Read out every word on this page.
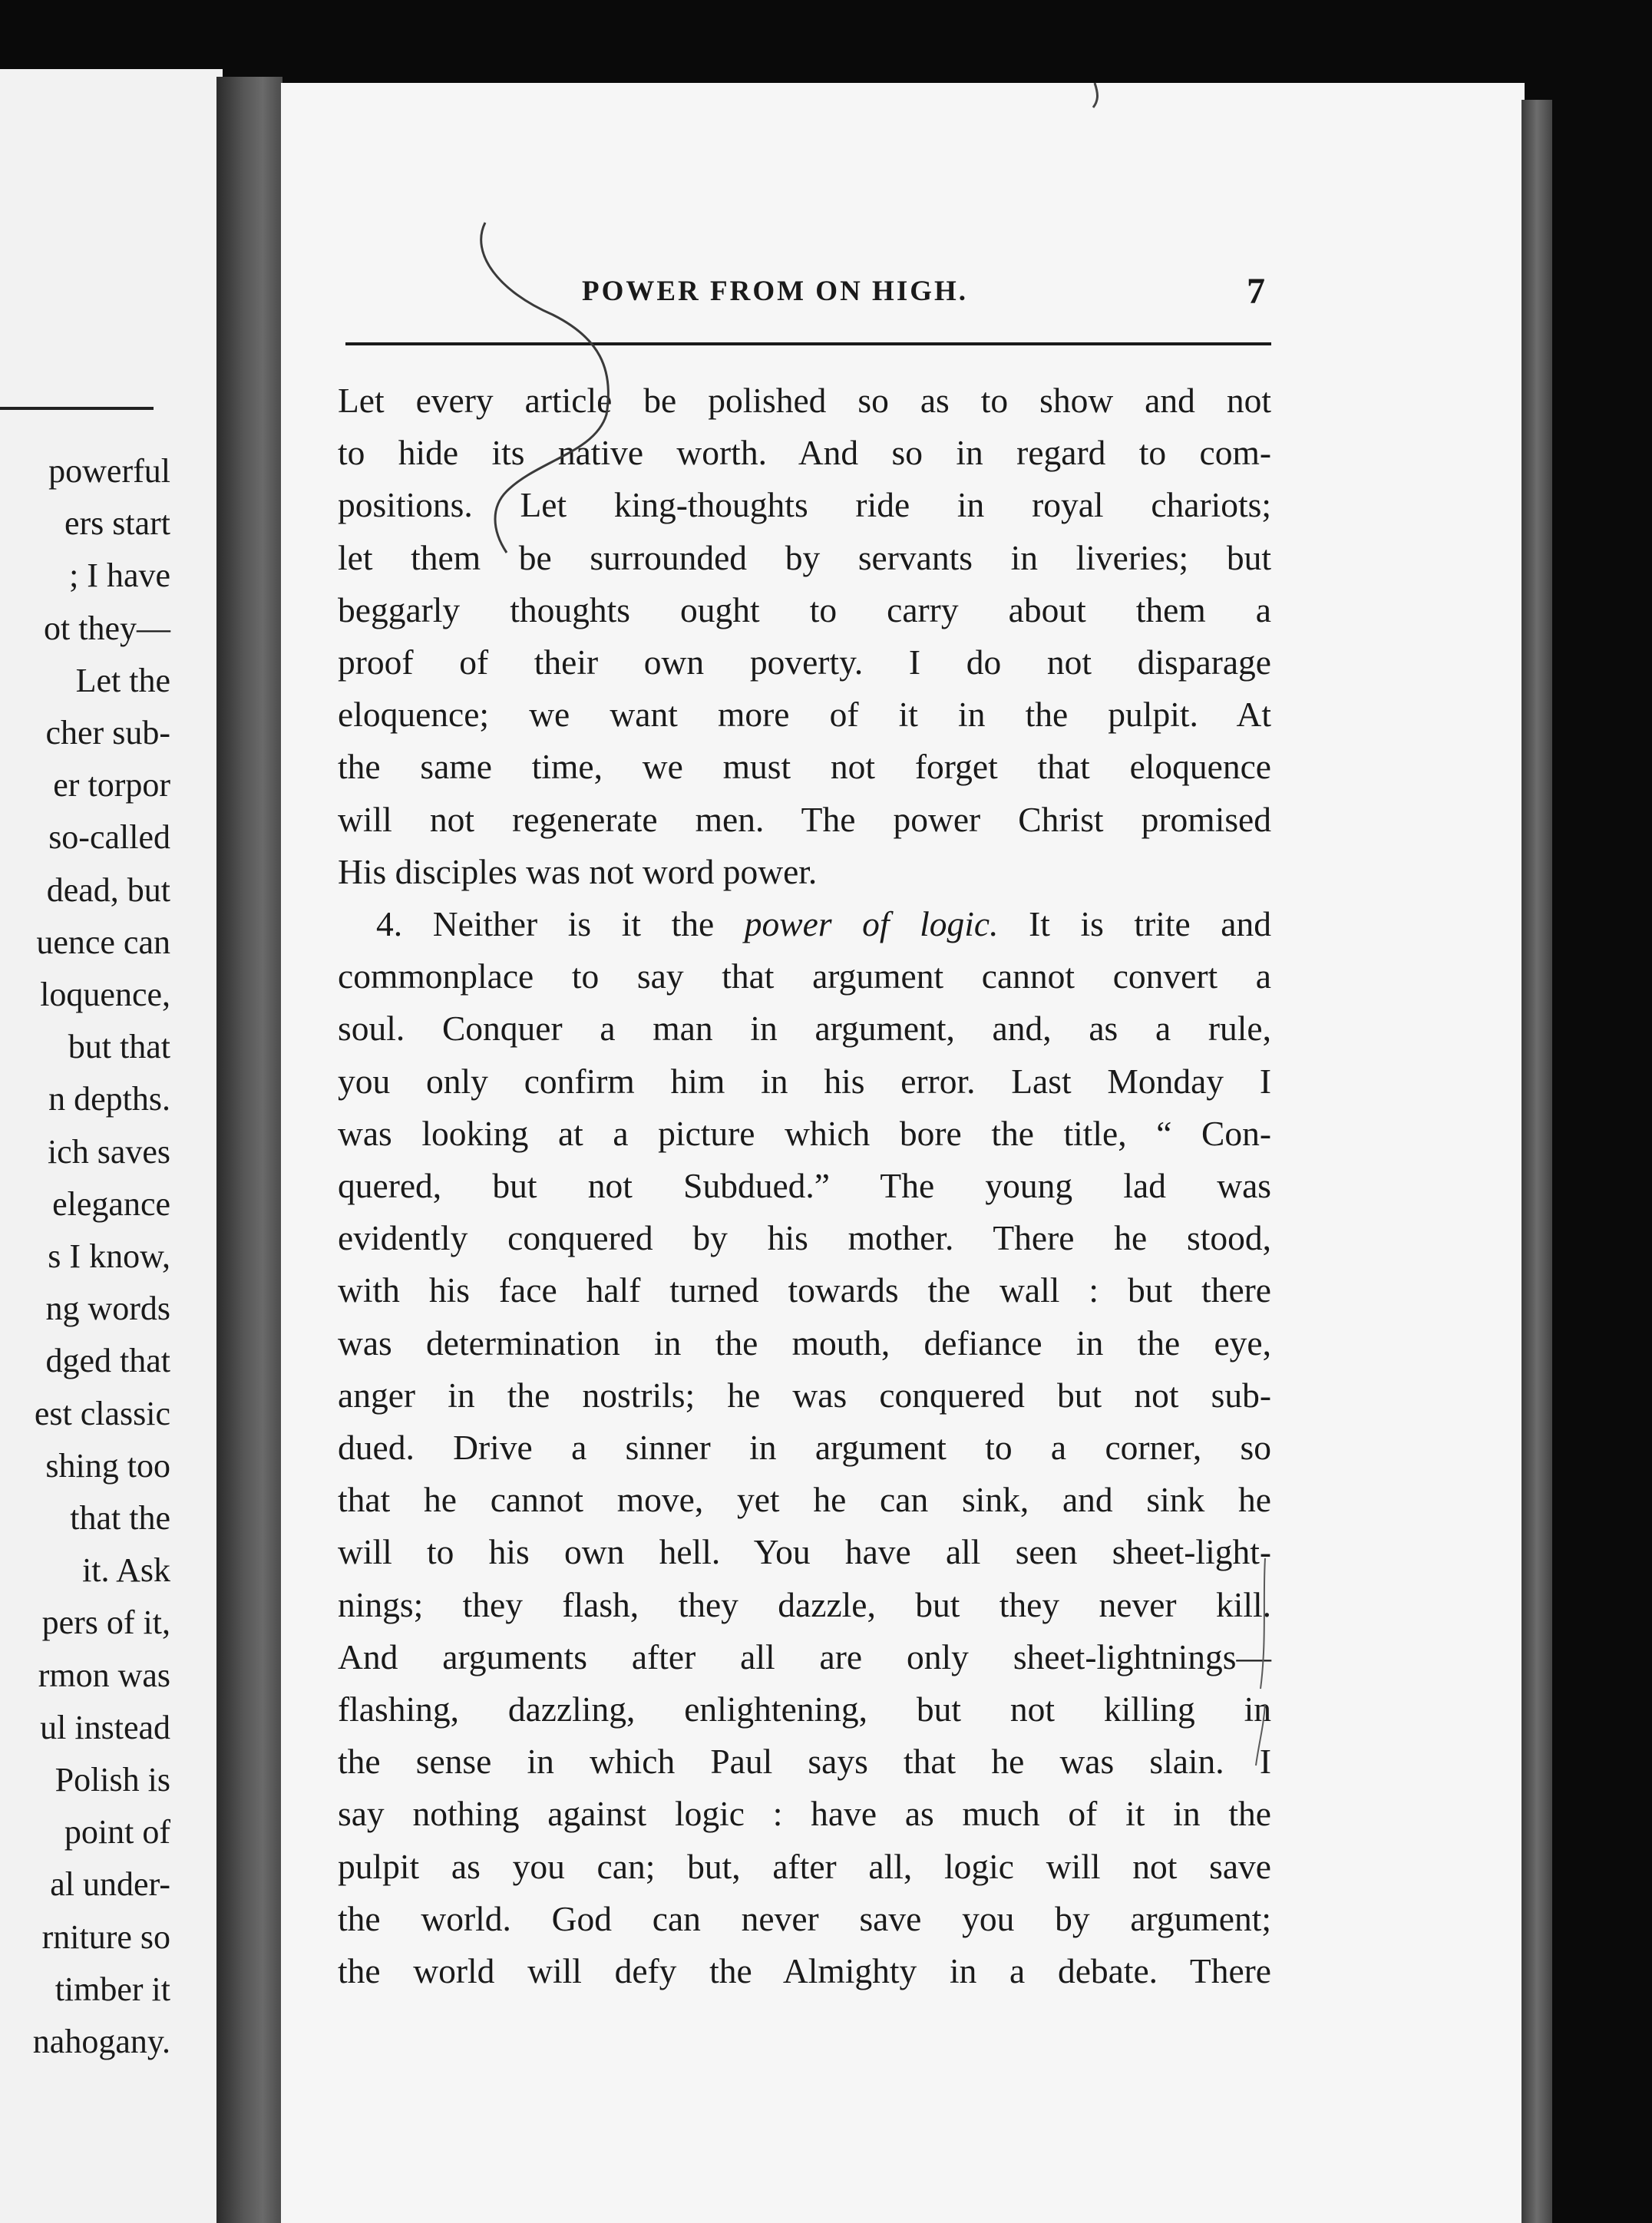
powerful
ers start
; I have
ot they—
Let the
cher sub-
er torpor
so-called
dead, but
uence can
loquence,
but that
n depths.
ich saves
elegance
s I know,
ng words
dged that
est classic
shing too
that the
it. Ask
pers of it,
rmon was
ul instead
Polish is
point of
al under-
rniture so
timber it
nahogany.
POWER FROM ON HIGH.	7
Let every article be polished so as to show and not
to hide its native worth. And so in regard to com-
positions. Let king-thoughts ride in royal chariots;
let them be surrounded by servants in liveries; but
beggarly thoughts ought to carry about them a
proof of their own poverty. I do not disparage
eloquence; we want more of it in the pulpit. At
the same time, we must not forget that eloquence
will not regenerate men. The power Christ promised
His disciples was not word power.
4. Neither is it the power of logic. It is trite and
commonplace to say that argument cannot convert a
soul. Conquer a man in argument, and, as a rule,
you only confirm him in his error. Last Monday I
was looking at a picture which bore the title, “ Con-
quered, but not Subdued.” The young lad was
evidently conquered by his mother. There he stood,
with his face half turned towards the wall : but there
was determination in the mouth, defiance in the eye,
anger in the nostrils; he was conquered but not sub-
dued. Drive a sinner in argument to a corner, so
that he cannot move, yet he can sink, and sink he
will to his own hell. You have all seen sheet-light-
nings; they flash, they dazzle, but they never kill.
And arguments after all are only sheet-lightnings—
flashing, dazzling, enlightening, but not killing in
the sense in which Paul says that he was slain. I
say nothing against logic : have as much of it in the
pulpit as you can; but, after all, logic will not save
the world. God can never save you by argument;
the world will defy the Almighty in a debate. There
